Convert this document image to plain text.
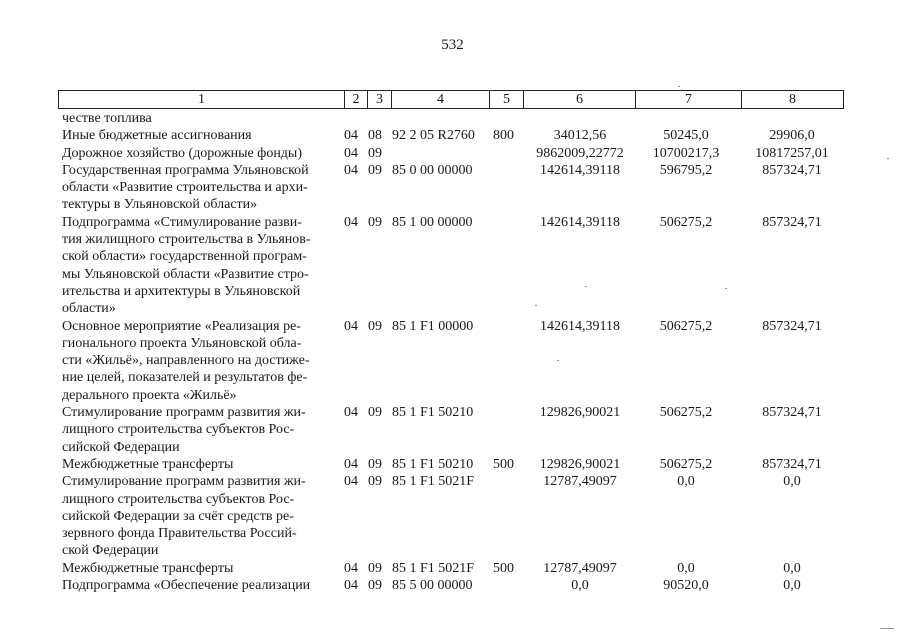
532
1	2	3	4	5	6	7	8
честве топлива
Иные бюджетные ассигнования	04 08 92 2 05 R2760 800	34012,56	50245,0	29906,0
Дорожное хозяйство (дорожные фонды)	04 09	9862009,22772	10700217,3	10817257,01
Государственная программа Ульяновской
области «Развитие строительства и архи-
тектуры в Ульяновской области»
04 09 85 0 00 00000	142614,39118	596795,2	857324,71
Подпрограмма «Стимулирование разви-
тия жилищного строительства в Ульянов-
ской области» государственной програм-
мы Ульяновской области «Развитие стро-
ительства и архитектуры в Ульяновской
области»
04 09 85 1 00 00000	142614,39118	506275,2	857324,71
Основное мероприятие «Реализация ре-
гионального проекта Ульяновской обла-
сти «Жильё», направленного на достиже-
ние целей, показателей и результатов фе-
дерального проекта «Жильё»
04 09 85 1 F1 00000	142614,39118	506275,2	857324,71
Стимулирование программ развития жи-
лищного строительства субъектов Рос-
сийской Федерации
04 09 85 1 F1 50210	129826,90021	506275,2	857324,71
Межбюджетные трансферты	04 09 85 1 F1 50210 500	129826,90021	506275,2	857324,71
Стимулирование программ развития жи-
лищного строительства субъектов Рос-
сийской Федерации за счёт средств ре-
зервного фонда Правительства Россий-
ской Федерации
04 09 85 1 F1 5021F	12787,49097	0,0	0,0
Межбюджетные трансферты	04 09 85 1 F1 5021F 500	12787,49097	0,0	0,0
Подпрограмма «Обеспечение реализации	04 09 85 5 00 00000	0,0	90520,0	0,0
